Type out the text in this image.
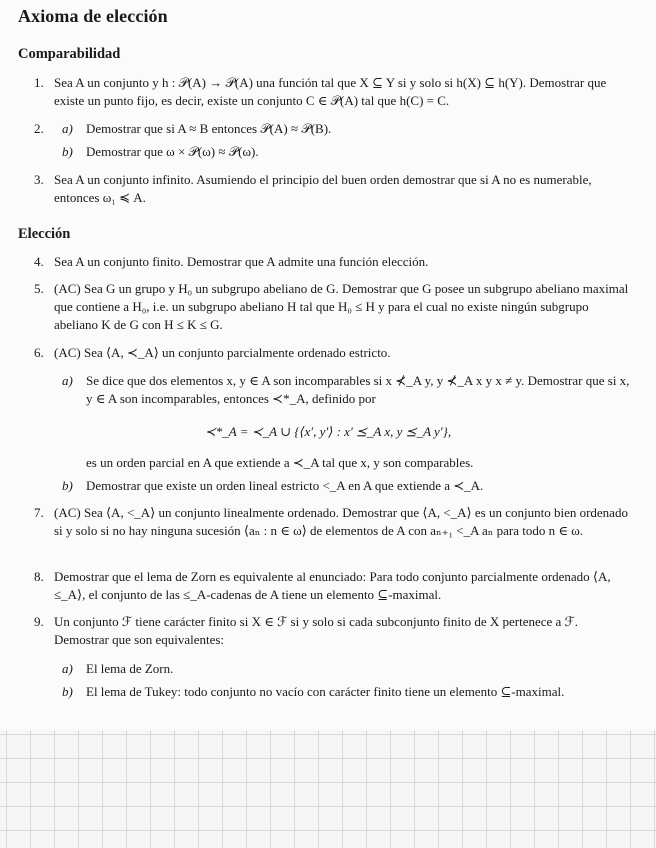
Axioma de elección
Comparabilidad
1. Sea A un conjunto y h : 𝒫(A) → 𝒫(A) una función tal que X ⊆ Y si y solo si h(X) ⊆ h(Y). Demostrar que existe un punto fijo, es decir, existe un conjunto C ∈ 𝒫(A) tal que h(C) = C.
2.	a) Demostrar que si A ≈ B entonces 𝒫(A) ≈ 𝒫(B).
b) Demostrar que ω × 𝒫(ω) ≈ 𝒫(ω).
3. Sea A un conjunto infinito. Asumiendo el principio del buen orden demostrar que si A no es numerable, entonces ω₁ ≼ A.
Elección
4. Sea A un conjunto finito. Demostrar que A admite una función elección.
5. (AC) Sea G un grupo y H₀ un subgrupo abeliano de G. Demostrar que G posee un subgrupo abeliano maximal que contiene a H₀, i.e. un subgrupo abeliano H tal que H₀ ≤ H y para el cual no existe ningún subgrupo abeliano K de G con H ≤ K ≤ G.
6. (AC) Sea ⟨A, ≺_A⟩ un conjunto parcialmente ordenado estricto.
a) Se dice que dos elementos x, y ∈ A son incomparables si x ⊀_A y, y ⊀_A x y x ≠ y. Demostrar que si x, y ∈ A son incomparables, entonces ≺*_A, definido por
≺*_A = ≺_A ∪ {⟨x′, y′⟩ : x′ ⪯_A x, y ⪯_A y′},
es un orden parcial en A que extiende a ≺_A tal que x, y son comparables.
b) Demostrar que existe un orden lineal estricto <_A en A que extiende a ≺_A.
7. (AC) Sea ⟨A, <_A⟩ un conjunto linealmente ordenado. Demostrar que ⟨A, <_A⟩ es un conjunto bien ordenado si y solo si no hay ninguna sucesión ⟨aₙ : n ∈ ω⟩ de elementos de A con aₙ₊₁ <_A aₙ para todo n ∈ ω.
8. Demostrar que el lema de Zorn es equivalente al enunciado: Para todo conjunto parcialmente ordenado ⟨A, ≤_A⟩, el conjunto de las ≤_A-cadenas de A tiene un elemento ⊆-maximal.
9. Un conjunto ℱ tiene carácter finito si X ∈ ℱ si y solo si cada subconjunto finito de X pertenece a ℱ. Demostrar que son equivalentes:
a) El lema de Zorn.
b) El lema de Tukey: todo conjunto no vacío con carácter finito tiene un elemento ⊆-maximal.
